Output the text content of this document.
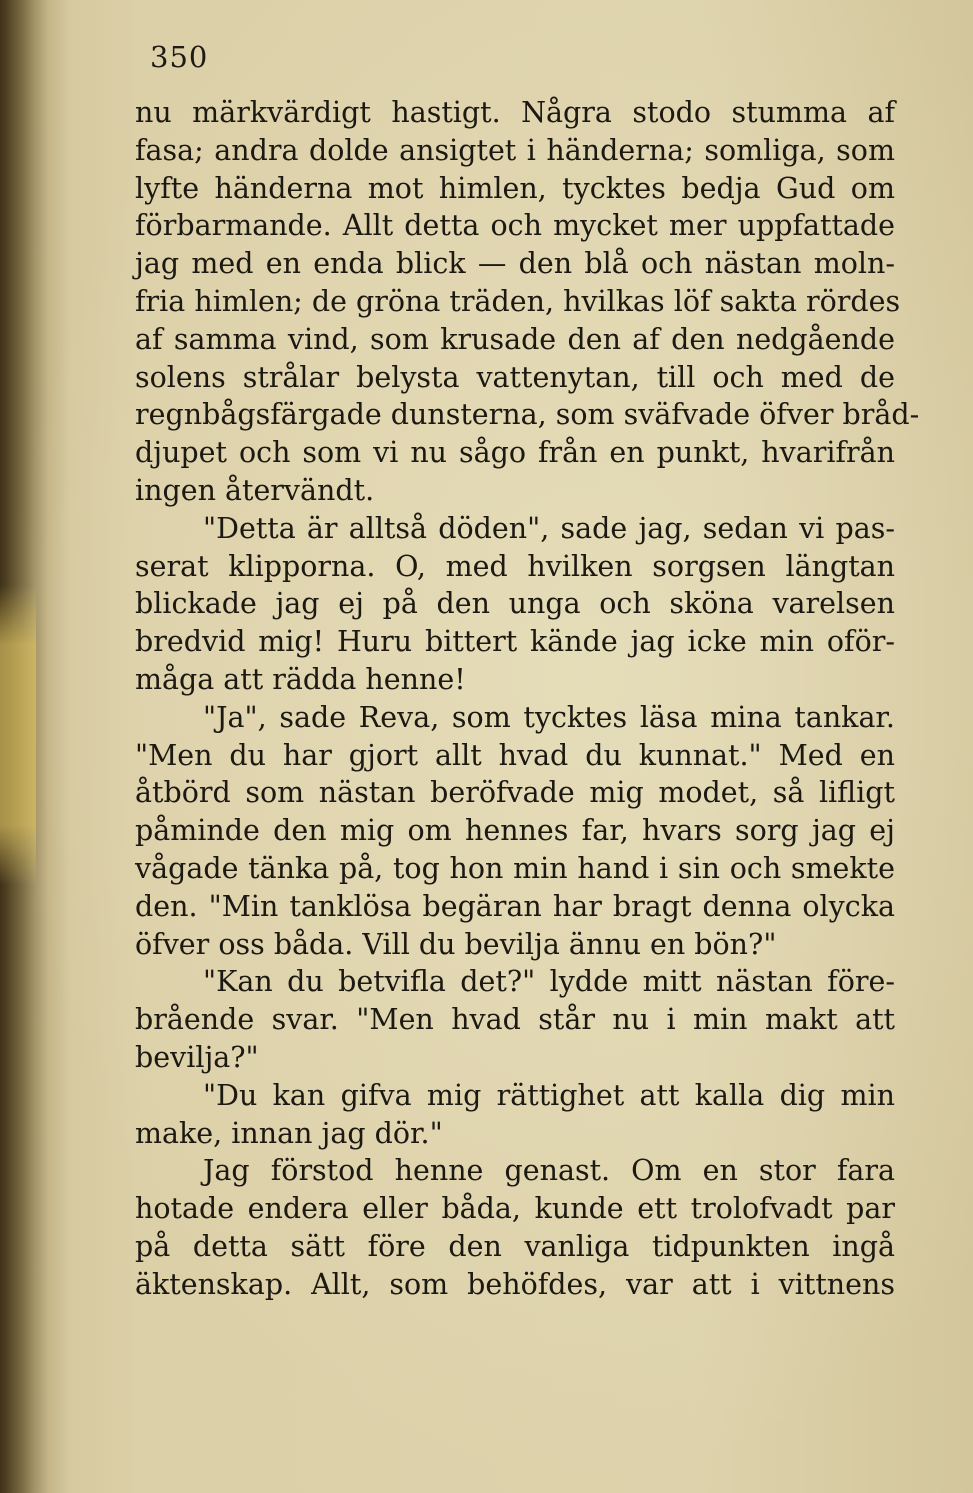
350
nu märkvärdigt hastigt. Några stodo stumma af
fasa; andra dolde ansigtet i händerna; somliga, som
lyfte händerna mot himlen, tycktes bedja Gud om
förbarmande. Allt detta och mycket mer uppfattade
jag med en enda blick — den blå och nästan moln-
fria himlen; de gröna träden, hvilkas löf sakta rördes
af samma vind, som krusade den af den nedgående
solens strålar belysta vattenytan, till och med de
regnbågsfärgade dunsterna, som sväfvade öfver bråd-
djupet och som vi nu sågo från en punkt, hvarifrån
ingen återvändt.
"Detta är alltså döden", sade jag, sedan vi pas-
serat klipporna. O, med hvilken sorgsen längtan
blickade jag ej på den unga och sköna varelsen
bredvid mig! Huru bittert kände jag icke min oför-
måga att rädda henne!
"Ja", sade Reva, som tycktes läsa mina tankar.
"Men du har gjort allt hvad du kunnat." Med en
åtbörd som nästan beröfvade mig modet, så lifligt
påminde den mig om hennes far, hvars sorg jag ej
vågade tänka på, tog hon min hand i sin och smekte
den. "Min tanklösa begäran har bragt denna olycka
öfver oss båda. Vill du bevilja ännu en bön?"
"Kan du betvifla det?" lydde mitt nästan före-
brående svar. "Men hvad står nu i min makt att
bevilja?"
"Du kan gifva mig rättighet att kalla dig min
make, innan jag dör."
Jag förstod henne genast. Om en stor fara
hotade endera eller båda, kunde ett trolofvadt par
på detta sätt före den vanliga tidpunkten ingå
äktenskap. Allt, som behöfdes, var att i vittnens
